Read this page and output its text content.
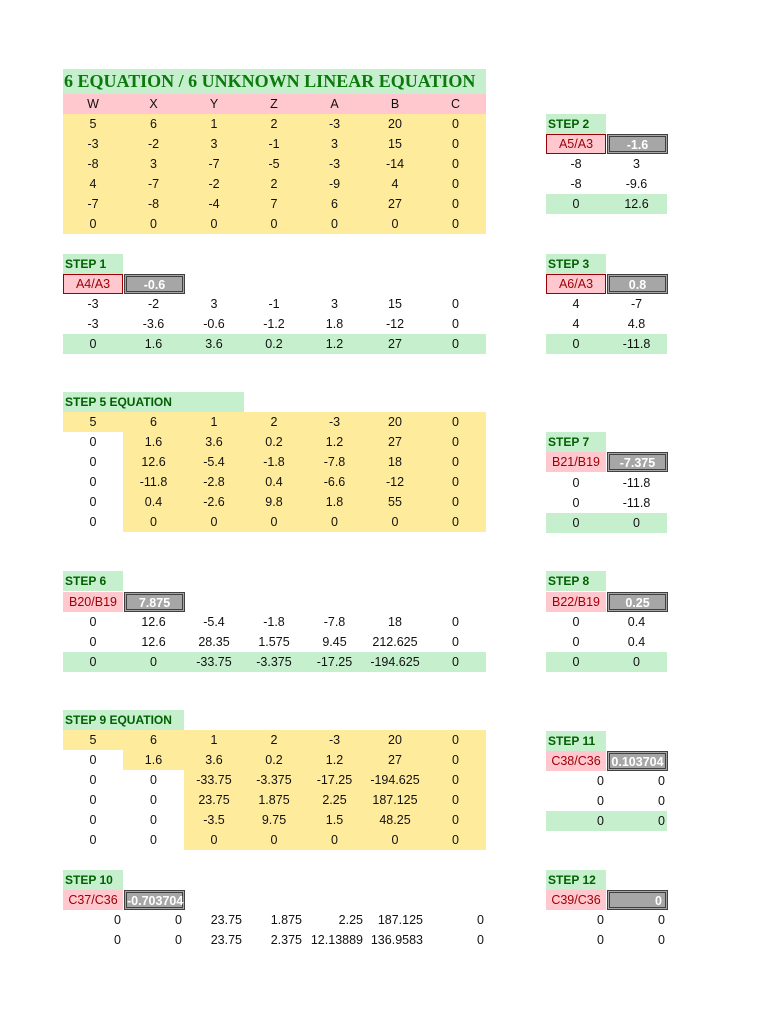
6 EQUATION / 6 UNKNOWN LINEAR EQUATION
W	X	Y	Z	A	B	C
5	6	1	2	-3	20	0
-3	-2	3	-1	3	15	0
-8	3	-7	-5	-3	-14	0
4	-7	-2	2	-9	4	0
-7	-8	-4	7	6	27	0
0	0	0	0	0	0	0
STEP 1
A4/A3	-0.6
-3	-2	3	-1	3	15	0
-3	-3.6	-0.6	-1.2	1.8	-12	0
0	1.6	3.6	0.2	1.2	27	0
STEP 2
A5/A3	-1.6
-8	3
-8	-9.6
0	12.6
STEP 3
A6/A3	0.8
4	-7
4	4.8
0	-11.8
STEP 5 EQUATION
5	6	1	2	-3	20	0
0	1.6	3.6	0.2	1.2	27	0
0	12.6	-5.4	-1.8	-7.8	18	0
0	-11.8	-2.8	0.4	-6.6	-12	0
0	0.4	-2.6	9.8	1.8	55	0
0	0	0	0	0	0	0
STEP 7
B21/B19	-7.375
0	-11.8
0	-11.8
0	0
STEP 6
B20/B19	7.875
0	12.6	-5.4	-1.8	-7.8	18	0
0	12.6	28.35	1.575	9.45	212.625	0
0	0	-33.75	-3.375	-17.25	-194.625	0
STEP 8
B22/B19	0.25
0	0.4
0	0.4
0	0
STEP 9 EQUATION
5	6	1	2	-3	20	0
0	1.6	3.6	0.2	1.2	27	0
0	0	-33.75	-3.375	-17.25	-194.625	0
0	0	23.75	1.875	2.25	187.125	0
0	0	-3.5	9.75	1.5	48.25	0
0	0	0	0	0	0	0
STEP 11
C38/C36 0.103704
0	0
0	0
0	0
STEP 10
C37/C36 -0.703704
0	0	23.75	1.875	2.25	187.125	0
0	0	23.75	2.375	12.13889	136.9583	0
STEP 12
C39/C36	0
0	0
0	0
